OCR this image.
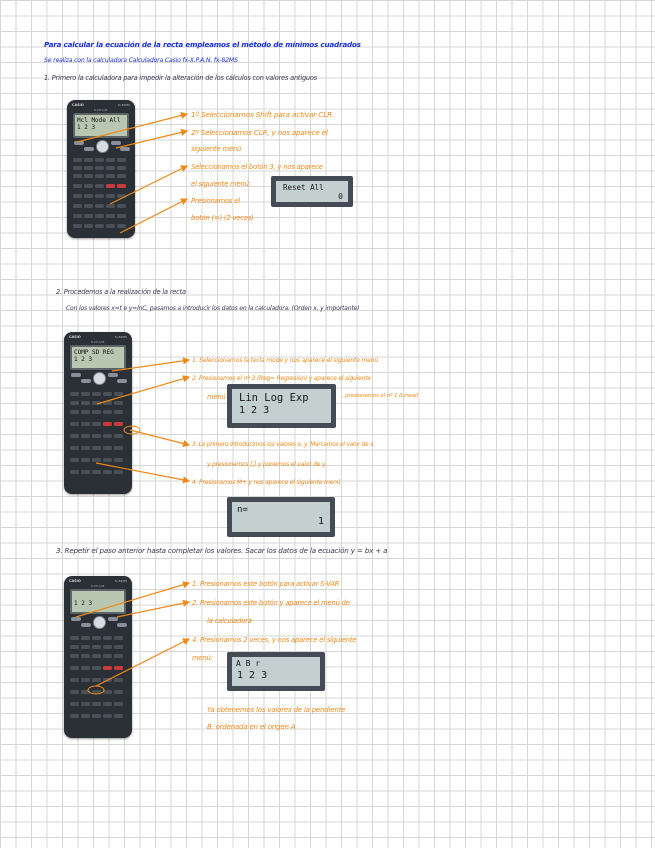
Para calcular la ecuación de la recta empleamos el método de mínimos cuadrados
Se realiza con la calculadora Calculadora Casio fx-X.P.A.N. fx-82MS
1. Primero la calculadora para impedir la alteración de los cálculos con valores antiguos
CASIO	fx-82MS
S-V.P.A.M.
Mcl Mode All
1 2 3
1º Seleccionamos Shift para activar CLR
2º Seleccionamos CLR, y nos aparece el
siguiente menú
Seleccionamos el botón 3, y nos aparece
el siguiente menú:
Presionamos el
botón (=) (2 veces)
Reset All
0
2. Procedemos a la realización de la recta
Con los valores x=t e y=lnC, pasamos a introducir los datos en la calculadora. (Orden x, y importante)
CASIO	fx-82MS
S-V.P.A.M.
COMP SD REG
1 2 3	1. Seleccionamos la tecla mode y nos aparece el siguiente menú
2. Presionamos el nº 3 (Reg= Regresión) y aparece el siguiente
menú	, presionamos el nº 1 (Lineal)
3. Lo primero introducimos los valores x, y. Marcamos el valor de x
y presionamos [,] y ponemos el valor de y.
4. Presionamos M+ y nos aparece el siguiente menú
Lin Log Exp
1 2 3
n=
1
3. Repetir el paso anterior hasta completar los valores. Sacar los datos de la ecuación y = bx + a
CASIO	fx-82MS
S-V.P.A.M.
1 2 3
1. Presionamos este botón para activar S-VAR
2. Presionamos este botón y aparece el menú de
la calculadora
4. Presionamos 2 veces, y nos aparece el siguiente
menú:
Ya obtenemos los valores de la pendiente
B, ordenada en el origen A
A B r
1 2 3
